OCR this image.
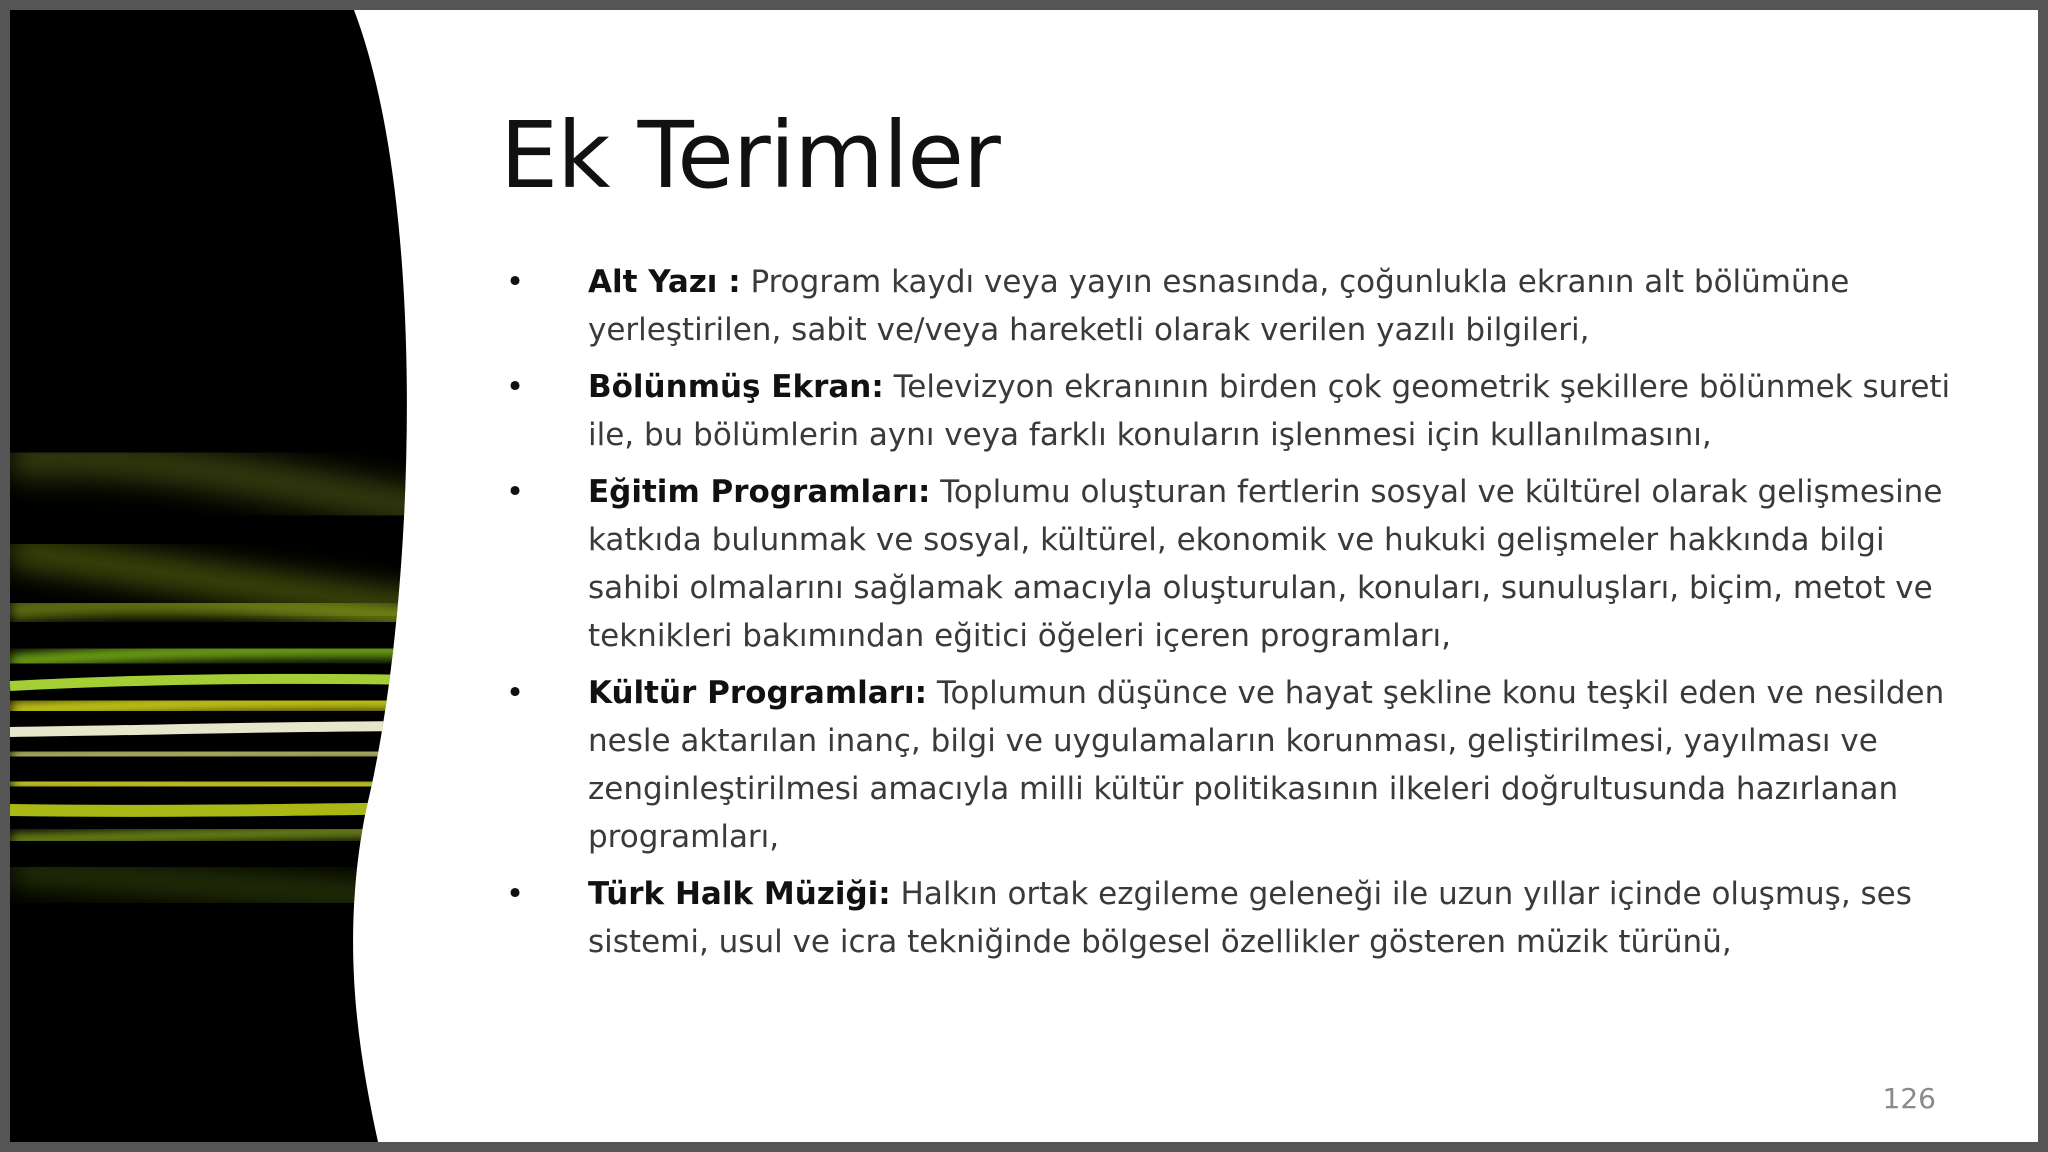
Ek Terimler
• Alt Yazı : Program kaydı veya yayın esnasında, çoğunlukla ekranın alt bölümüne yerleştirilen, sabit ve/veya hareketli olarak verilen yazılı bilgileri,
• Bölünmüş Ekran: Televizyon ekranının birden çok geometrik şekillere bölünmek sureti ile, bu bölümlerin aynı veya farklı konuların işlenmesi için kullanılmasını,
• Eğitim Programları: Toplumu oluşturan fertlerin sosyal ve kültürel olarak gelişmesine katkıda bulunmak ve sosyal, kültürel, ekonomik ve hukuki gelişmeler hakkında bilgi sahibi olmalarını sağlamak amacıyla oluşturulan, konuları, sunuluşları, biçim, metot ve teknikleri bakımından eğitici öğeleri içeren programları,
• Kültür Programları: Toplumun düşünce ve hayat şekline konu teşkil eden ve nesilden nesle aktarılan inanç, bilgi ve uygulamaların korunması, geliştirilmesi, yayılması ve zenginleştirilmesi amacıyla milli kültür politikasının ilkeleri doğrultusunda hazırlanan programları,
• Türk Halk Müziği: Halkın ortak ezgileme geleneği ile uzun yıllar içinde oluşmuş, ses sistemi, usul ve icra tekniğinde bölgesel özellikler gösteren müzik türünü,
126
